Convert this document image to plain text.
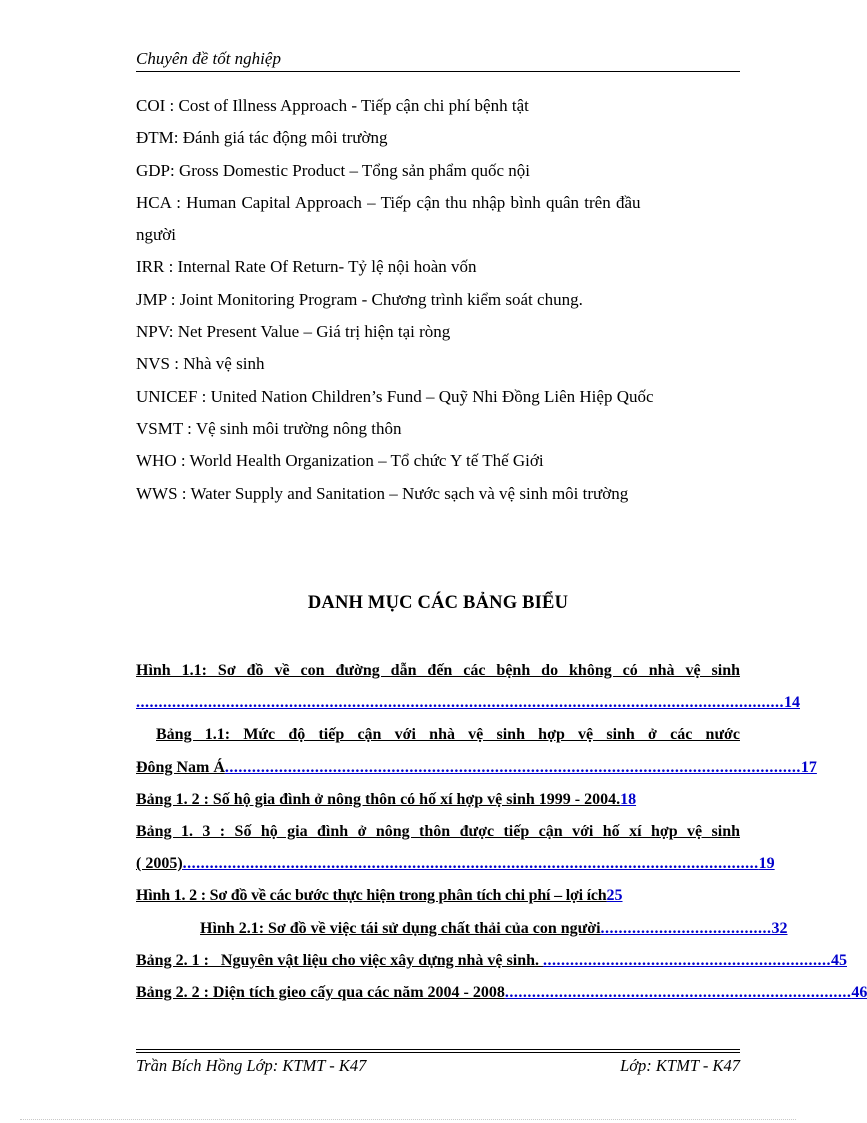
Chuyên đề tốt nghiệp
COI : Cost of Illness Approach - Tiếp cận chi phí bệnh tật
ĐTM: Đánh giá tác động môi trường
GDP: Gross Domestic Product – Tổng sản phẩm quốc nội
HCA : Human Capital Approach – Tiếp cận thu nhập bình quân trên đầu
người
IRR : Internal Rate Of Return- Tỷ lệ nội hoàn vốn
JMP : Joint Monitoring Program - Chương trình kiểm soát chung.
NPV: Net Present Value – Giá trị hiện tại ròng
NVS : Nhà vệ sinh
UNICEF : United Nation Children’s Fund – Quỹ Nhi Đồng Liên Hiệp Quốc
VSMT : Vệ sinh môi trường nông thôn
WHO : World Health Organization – Tổ chức Y tế Thế Giới
WWS : Water Supply and Sanitation – Nước sạch và vệ sinh môi trường
DANH MỤC CÁC BẢNG BIỂU
Hình 1.1: Sơ đồ về con đường dẫn đến các bệnh do không có nhà vệ sinh
................................................................................................................................................ 14
Bảng 1.1: Mức độ tiếp cận với nhà vệ sinh hợp vệ sinh ở các nước
Đông Nam Á ................................................................................................................................ 17
Bảng 1. 2 : Số hộ gia đình ở nông thôn có hố xí hợp vệ sinh 1999 - 2004. 18
Bảng 1. 3 : Số hộ gia đình ở nông thôn được tiếp cận với hố xí hợp vệ sinh
( 2005) ................................................................................................................................ 19
Hình 1. 2 : Sơ đồ về các bước thực hiện trong phân tích chi phí – lợi ích 25
Hình 2.1: Sơ đồ về việc tái sử dụng chất thải của con người ...................................... 32
Bảng 2. 1 :   Nguyên vật liệu cho việc xây dựng nhà vệ sinh. ................................................................ 45
Bảng 2. 2 : Diện tích gieo cấy qua các năm 2004 - 2008 ............................................................................. 46
Trần Bích Hồng Lớp: KTMT - K47	Lớp: KTMT - K47
